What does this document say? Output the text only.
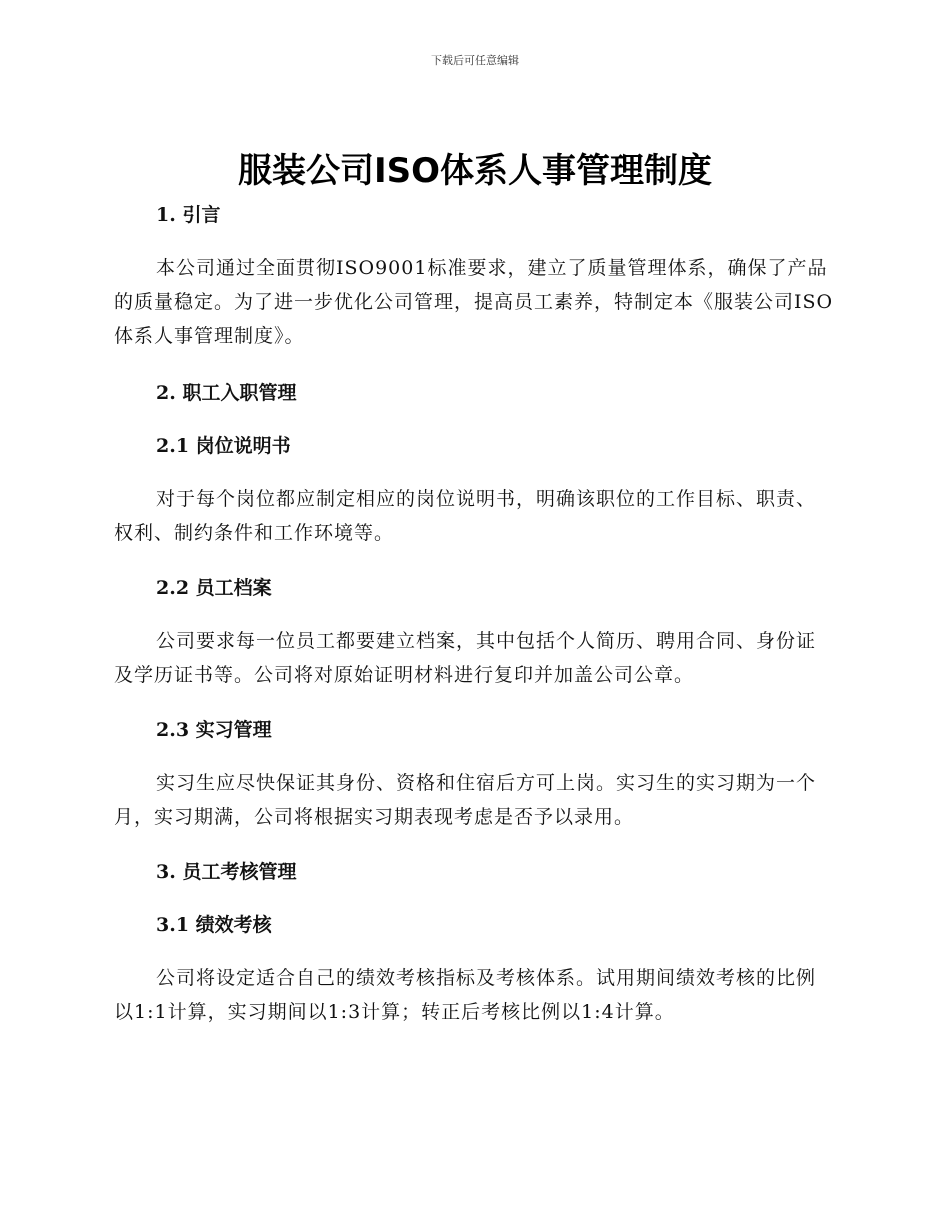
下载后可任意编辑
服装公司ISO体系人事管理制度
1. 引言

本公司通过全面贯彻ISO9001标准要求，建立了质量管理体系，确保了产品的质量稳定。为了进一步优化公司管理，提高员工素养，特制定本《服装公司ISO体系人事管理制度》。

2. 职工入职管理
2.1 岗位说明书

对于每个岗位都应制定相应的岗位说明书，明确该职位的工作目标、职责、权利、制约条件和工作环境等。

2.2 员工档案

公司要求每一位员工都要建立档案，其中包括个人简历、聘用合同、身份证及学历证书等。公司将对原始证明材料进行复印并加盖公司公章。

2.3 实习管理

实习生应尽快保证其身份、资格和住宿后方可上岗。实习生的实习期为一个月，实习期满，公司将根据实习期表现考虑是否予以录用。

3. 员工考核管理
3.1 绩效考核

公司将设定适合自己的绩效考核指标及考核体系。试用期间绩效考核的比例以1:1计算，实习期间以1:3计算；转正后考核比例以1:4计算。
